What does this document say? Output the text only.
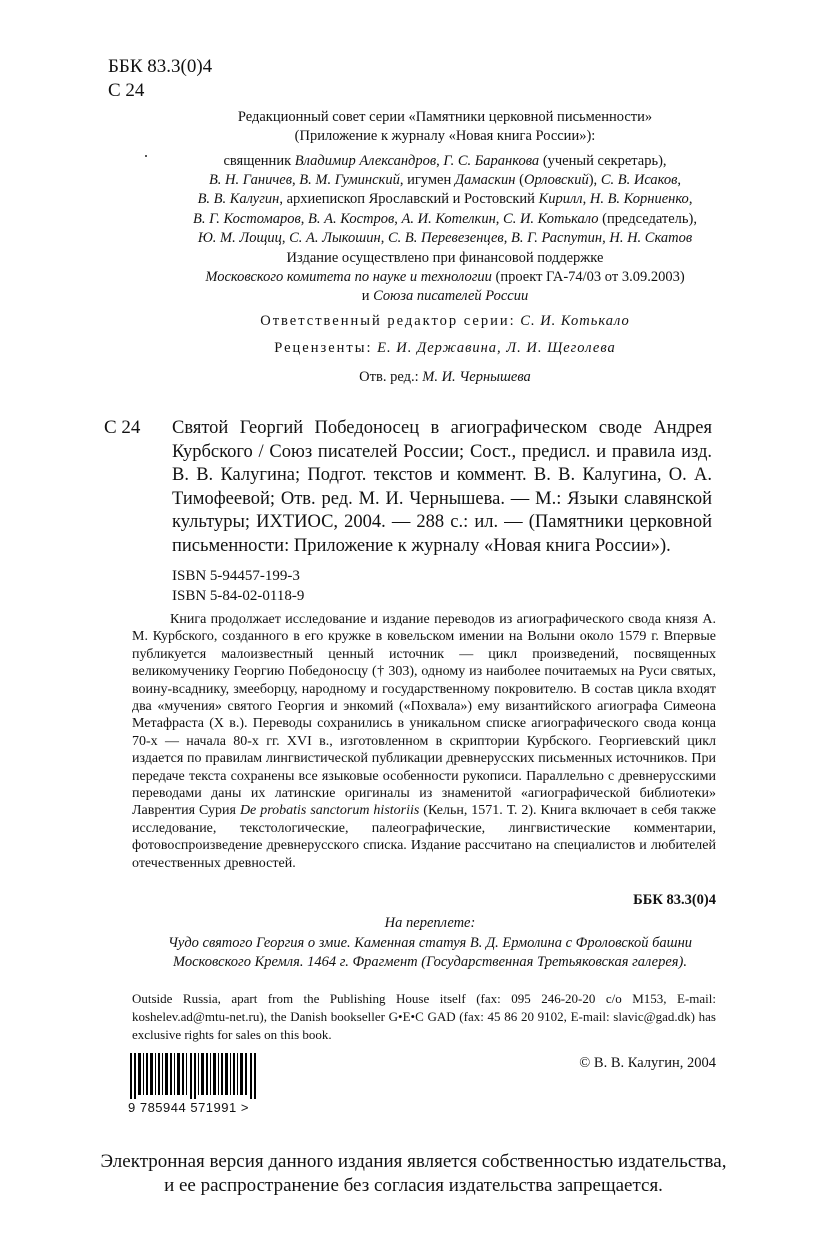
ББК 83.3(0)4
С 24
Редакционный совет серии «Памятники церковной письменности»
(Приложение к журналу «Новая книга России»):
священник Владимир Александров, Г. С. Баранкова (ученый секретарь),
В. Н. Ганичев, В. М. Гуминский, игумен Дамаскин (Орловский), С. В. Исаков,
В. В. Калугин, архиепископ Ярославский и Ростовский Кирилл, Н. В. Корниенко,
В. Г. Костомаров, В. А. Костров, А. И. Котелкин, С. И. Котькало (председатель),
Ю. М. Лощиц, С. А. Лыкошин, С. В. Перевезенцев, В. Г. Распутин, Н. Н. Скатов
Издание осуществлено при финансовой поддержке
Московского комитета по науке и технологии (проект ГА-74/03 от 3.09.2003)
и Союза писателей России
Ответственный редактор серии: С. И. Котькало
Рецензенты: Е. И. Державина, Л. И. Щеголева
Отв. ред.: М. И. Чернышева
С 24 Святой Георгий Победоносец в агиографическом своде Андрея Курбского / Союз писателей России; Сост., предисл. и правила изд. В. В. Калугина; Подгот. текстов и коммент. В. В. Калугина, О. А. Тимофеевой; Отв. ред. М. И. Чернышева. — М.: Языки славянской культуры; ИХТИОС, 2004. — 288 с.: ил. — (Памятники церковной письменности: Приложение к журналу «Новая книга России»).
ISBN 5-94457-199-3
ISBN 5-84-02-0118-9
Книга продолжает исследование и издание переводов из агиографического свода князя А. М. Курбского, созданного в его кружке в ковельском имении на Волыни около 1579 г. Впервые публикуется малоизвестный ценный источник — цикл произведений, посвященных великомученику Георгию Победоносцу († 303), одному из наиболее почитаемых на Руси святых, воину-всаднику, змееборцу, народному и государственному покровителю. В состав цикла входят два «мучения» святого Георгия и энкомий («Похвала») ему византийского агиографа Симеона Метафраста (X в.). Переводы сохранились в уникальном списке агиографического свода конца 70-х — начала 80-х гг. XVI в., изготовленном в скриптории Курбского. Георгиевский цикл издается по правилам лингвистической публикации древнерусских письменных источников. При передаче текста сохранены все языковые особенности рукописи. Параллельно с древнерусскими переводами даны их латинские оригиналы из знаменитой «агиографической библиотеки» Лаврентия Сурия De probatis sanctorum historiis (Кельн, 1571. Т. 2). Книга включает в себя также исследование, текстологические, палеографические, лингвистические комментарии, фотовоспроизведение древнерусского списка. Издание рассчитано на специалистов и любителей отечественных древностей.
ББК 83.3(0)4
На переплете:
Чудо святого Георгия о змие. Каменная статуя В. Д. Ермолина с Фроловской башни
Московского Кремля. 1464 г. Фрагмент (Государственная Третьяковская галерея).
Outside Russia, apart from the Publishing House itself (fax: 095 246-20-20 c/o M153, E-mail: koshelev.ad@mtu-net.ru), the Danish bookseller G•E•C GAD (fax: 45 86 20 9102, E-mail: slavic@gad.dk) has exclusive rights for sales on this book.
9 785944 571991 >
© В. В. Калугин, 2004
Электронная версия данного издания является собственностью издательства,
и ее распространение без согласия издательства запрещается.
